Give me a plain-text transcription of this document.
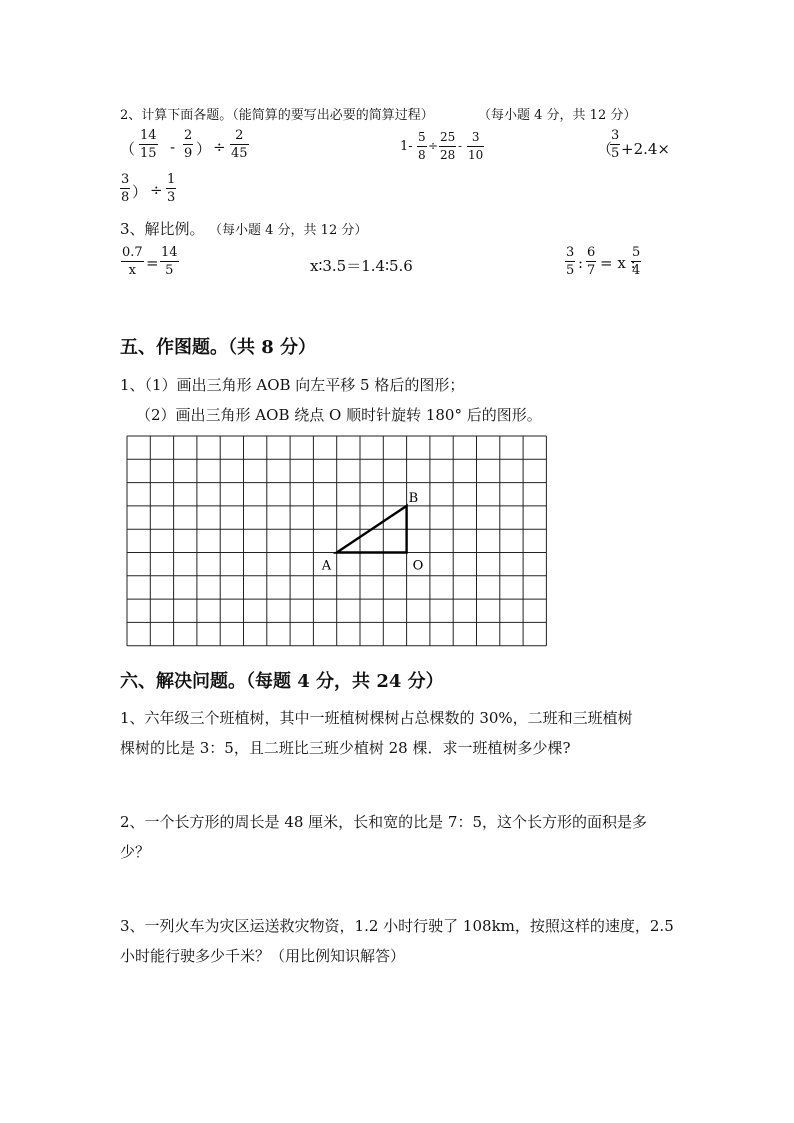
2、计算下面各题。（能简算的要写出必要的简算过程）	（每小题 4 分，共 12 分）
（
14
15 -
2
9 ） ÷
2
45	1-
5
8
÷
25
28
-
3
10	（
3
5 +2.4×
3
8 ） ÷
1
3
3、解比例。 （每小题 4 分，共 12 分）
0.7
x =
14
5	x∶3.5＝1.4∶5.6
3
5 :
6
7 = x :
5
4
五、作图题。（共 8 分）
1、（1）画出三角形 AOB 向左平移 5 格后的图形；
（2）画出三角形 AOB 绕点 O 顺时针旋转 180° 后的图形。
A	O
B
六、解决问题。（每题 4 分，共 24 分）
1、六年级三个班植树，其中一班植树棵树占总棵数的 30%，二班和三班植树
棵树的比是 3：5，且二班比三班少植树 28 棵．求一班植树多少棵?
2、一个长方形的周长是 48 厘米，长和宽的比是 7：5，这个长方形的面积是多
少？
3、一列火车为灾区运送救灾物资，1.2 小时行驶了 108km，按照这样的速度，2.5
小时能行驶多少千米？（用比例知识解答）
